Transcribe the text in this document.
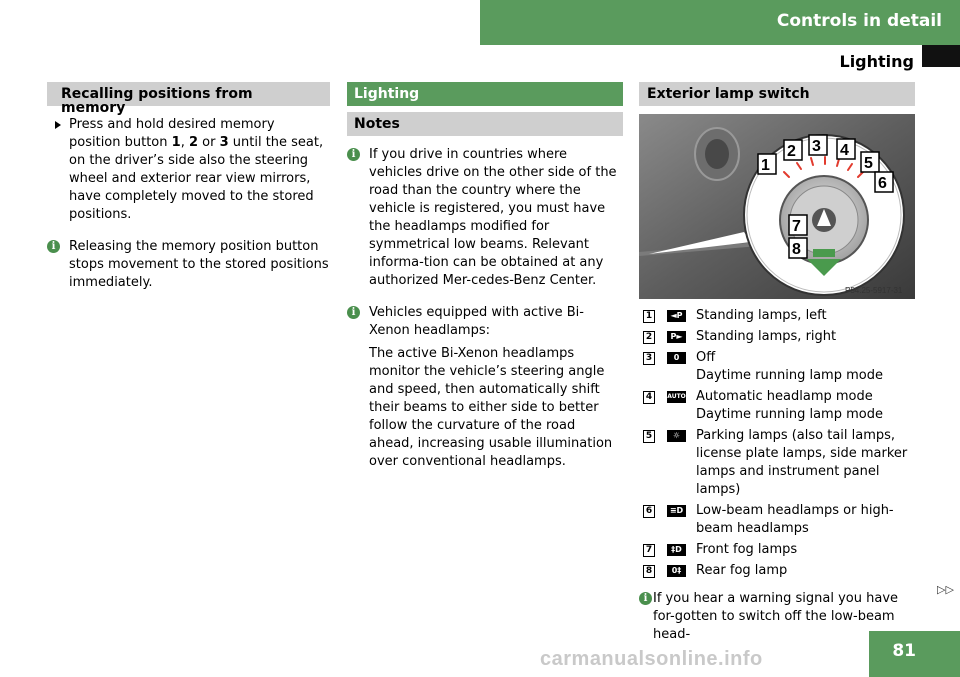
Controls in detail
Lighting
Recalling positions from memory

Press and hold desired memory position button 1, 2 or 3 until the seat, on the driver’s side also the steering wheel and exterior rear view mirrors, have completely moved to the stored positions.

i	Releasing the memory position button stops movement to the stored positions immediately.

Lighting
Notes
i	If you drive in countries where vehicles drive on the other side of the road than the country where the vehicle is registered, you must have the headlamps modified for symmetrical low beams. Relevant informa-tion can be obtained at any authorized Mer-cedes-Benz Center.

i	Vehicles equipped with active Bi-Xenon headlamps:

The active Bi-Xenon headlamps monitor the vehicle’s steering angle and speed, then automatically shift their beams to either side to better follow the curvature of the road ahead, increasing usable illumination over conventional headlamps.

Exterior lamp switch
1
2 3 4
5
6
7
8
P54.25-5917-31
1	◄P Standing lamps, left

2	P► Standing lamps, right

3	0	Off
Daytime running lamp mode

4	AUTO Automatic headlamp mode
Daytime running lamp mode

5	☼	Parking lamps (also tail lamps, license plate lamps, side marker lamps and instrument panel lamps)

6	≡D Low-beam headlamps or high-beam headlamps

7	‡D	Front fog lamps

8	0‡	Rear fog lamp

i If you hear a warning signal you have for-gotten to switch off the low-beam head-

▷▷
carmanualsonline.info	81
